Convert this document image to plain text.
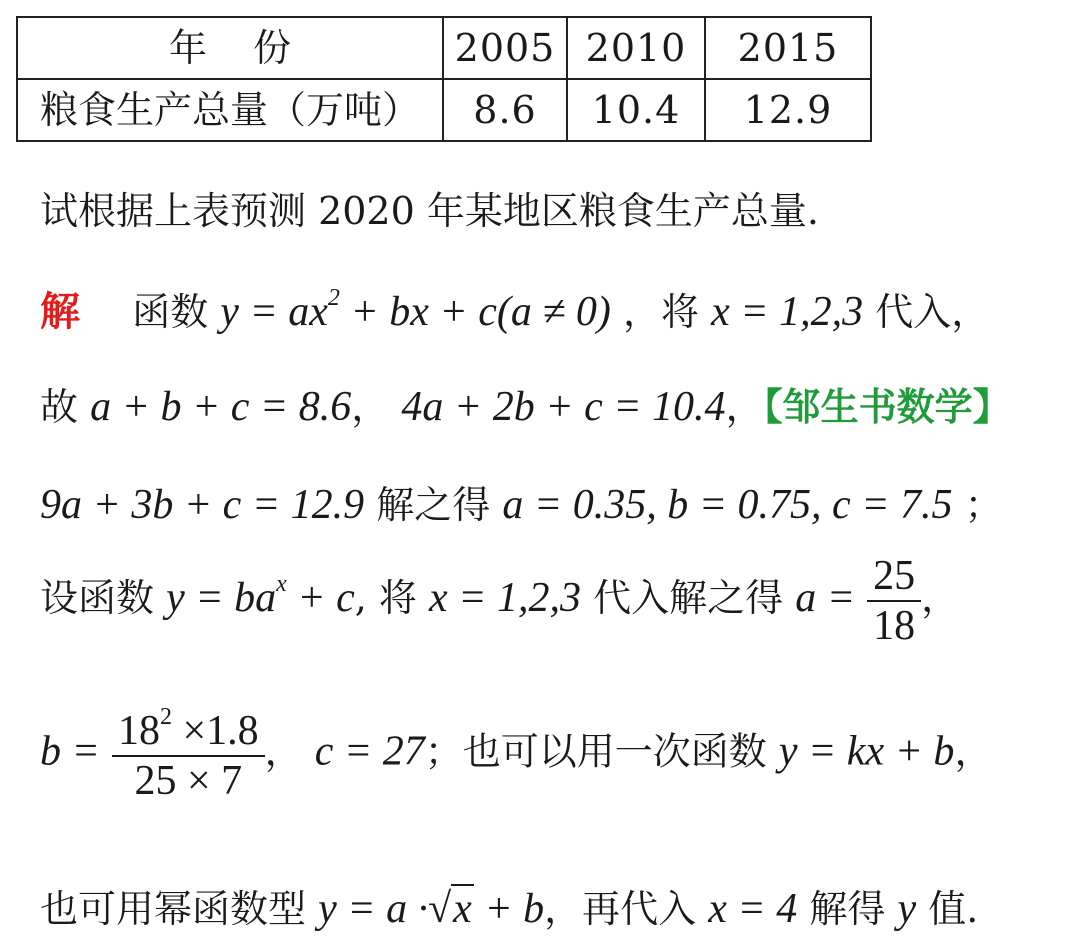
年份	2005	2010	2015
粮食生产总量（万吨）	8.6	10.4	12.9
试根据上表预测 2020 年某地区粮食生产总量.
解 函数 $y = ax^2$ + bx + c(a ≠ 0) ，将 x = 1,2,3 代入，
故 a + b + c = 8.6， 4a + 2b + c = 10.4，【邹生书数学】
9a + 3b + c = 12.9 解之得 a = 0.35, b = 0.75, c = 7.5 ；
设函数 $y = ba^x + c$, 将 x = 1,2,3 代入解之得 $a = \frac{25}{18}$ ，
$b = \frac{18^2 \times 1.8}{25 \times 7}$ ， c = 27；也可以用一次函数 y = kx + b，
也可用幂函数型 y = a ·√x + b，再代入 x = 4 解得 y 值.
